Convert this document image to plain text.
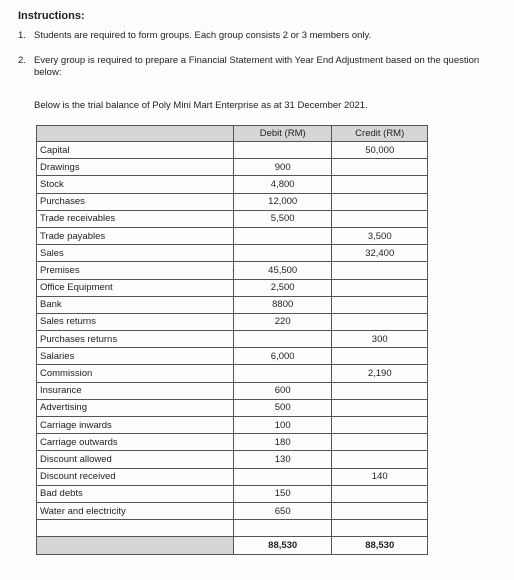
Instructions:
1. Students are required to form groups. Each group consists 2 or 3 members only.
2. Every group is required to prepare a Financial Statement with Year End Adjustment based on the question below:
Below is the trial balance of Poly Mini Mart Enterprise as at 31 December 2021.
	Debit (RM)	Credit (RM)
Capital		50,000
Drawings	900	
Stock	4,800	
Purchases	12,000	
Trade receivables	5,500	
Trade payables		3,500
Sales		32,400
Premises	45,500	
Office Equipment	2,500	
Bank	8800	
Sales returns	220	
Purchases returns		300
Salaries	6,000	
Commission		2,190
Insurance	600	
Advertising	500	
Carriage inwards	100	
Carriage outwards	180	
Discount allowed	130	
Discount received		140
Bad debts	150	
Water and electricity	650	

	88,530	88,530
.
